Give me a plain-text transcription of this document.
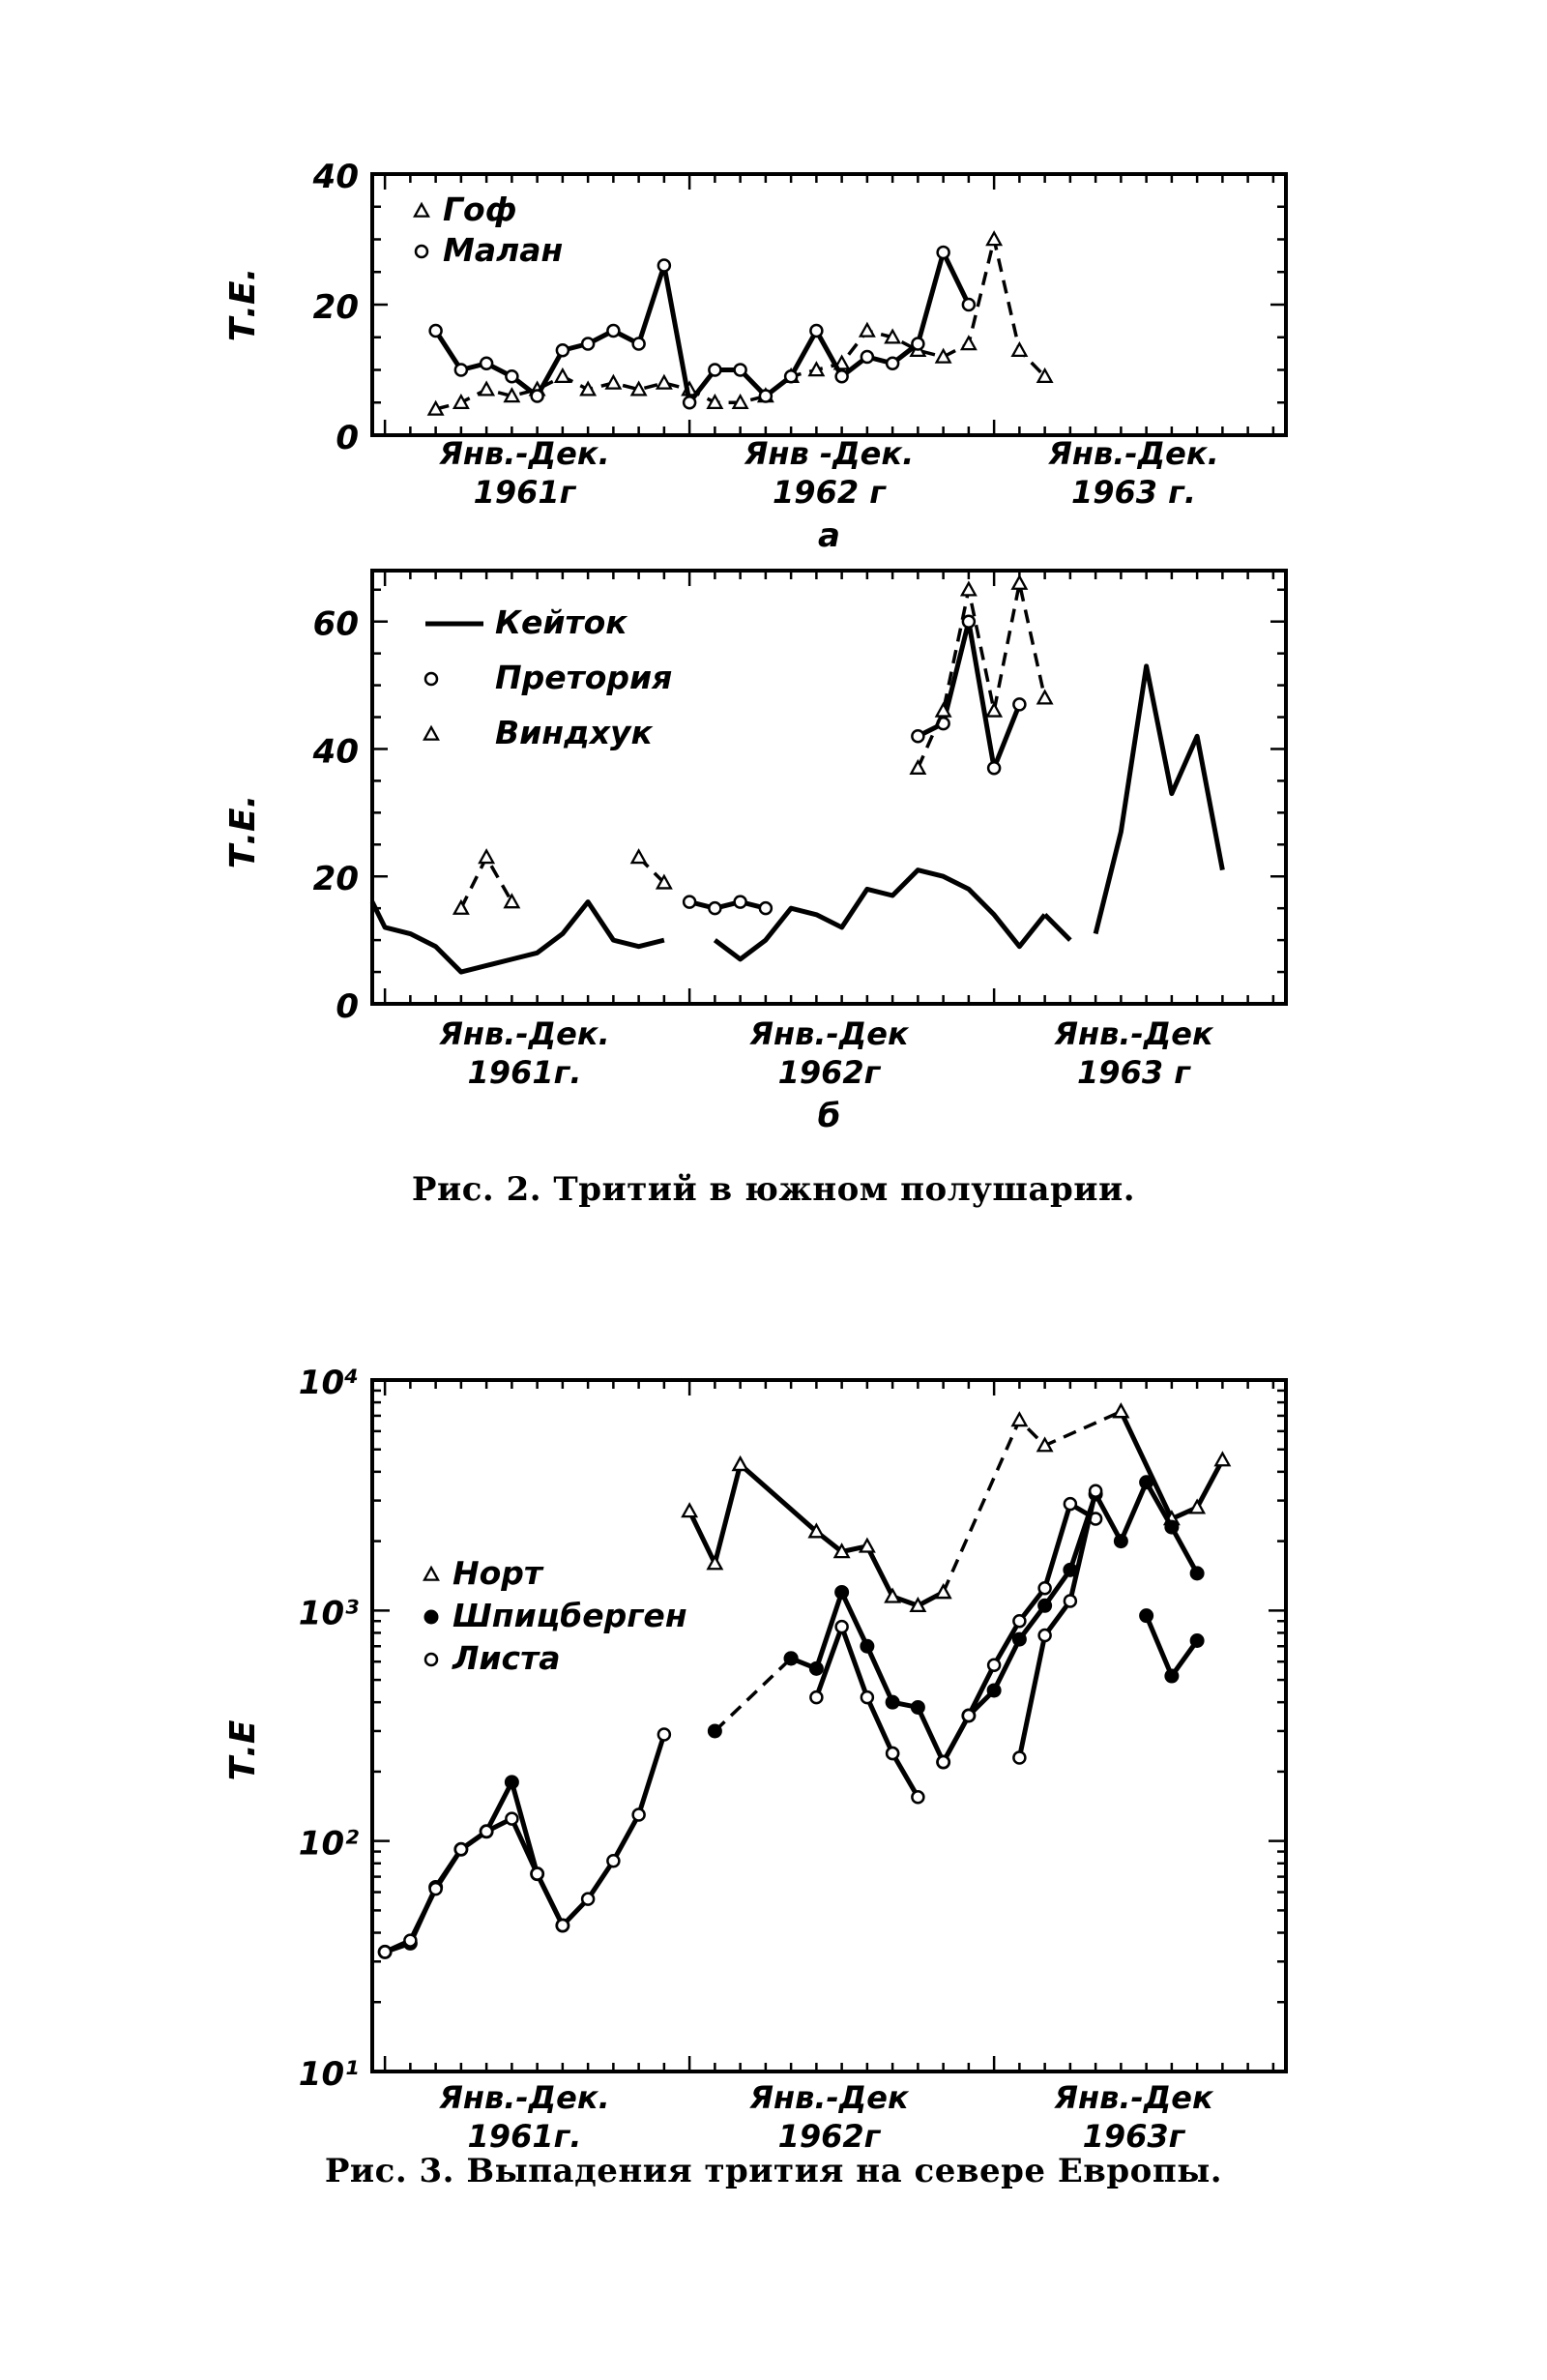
0
20
40
Т.Е.
Янв.-Дек.
1961г
Янв -Дек.
1962 г
Янв.-Дек.
1963 г.
а
Гоф
Малан
0
20
40
60
Т.Е.
Янв.-Дек.
1961г.
Янв.-Дек
1962г
Янв.-Дек
1963 г
б
Кейток
Претория
Виндхук
10¹
10²
10³
10⁴
Т.Е
Янв.-Дек.
1961г.
Янв.-Дек
1962г
Янв.-Дек
1963г
Норт
Шпицберген
Листа
Рис. 2. Тритий в южном полушарии.
Рис. 3. Выпадения трития на севере Европы.
